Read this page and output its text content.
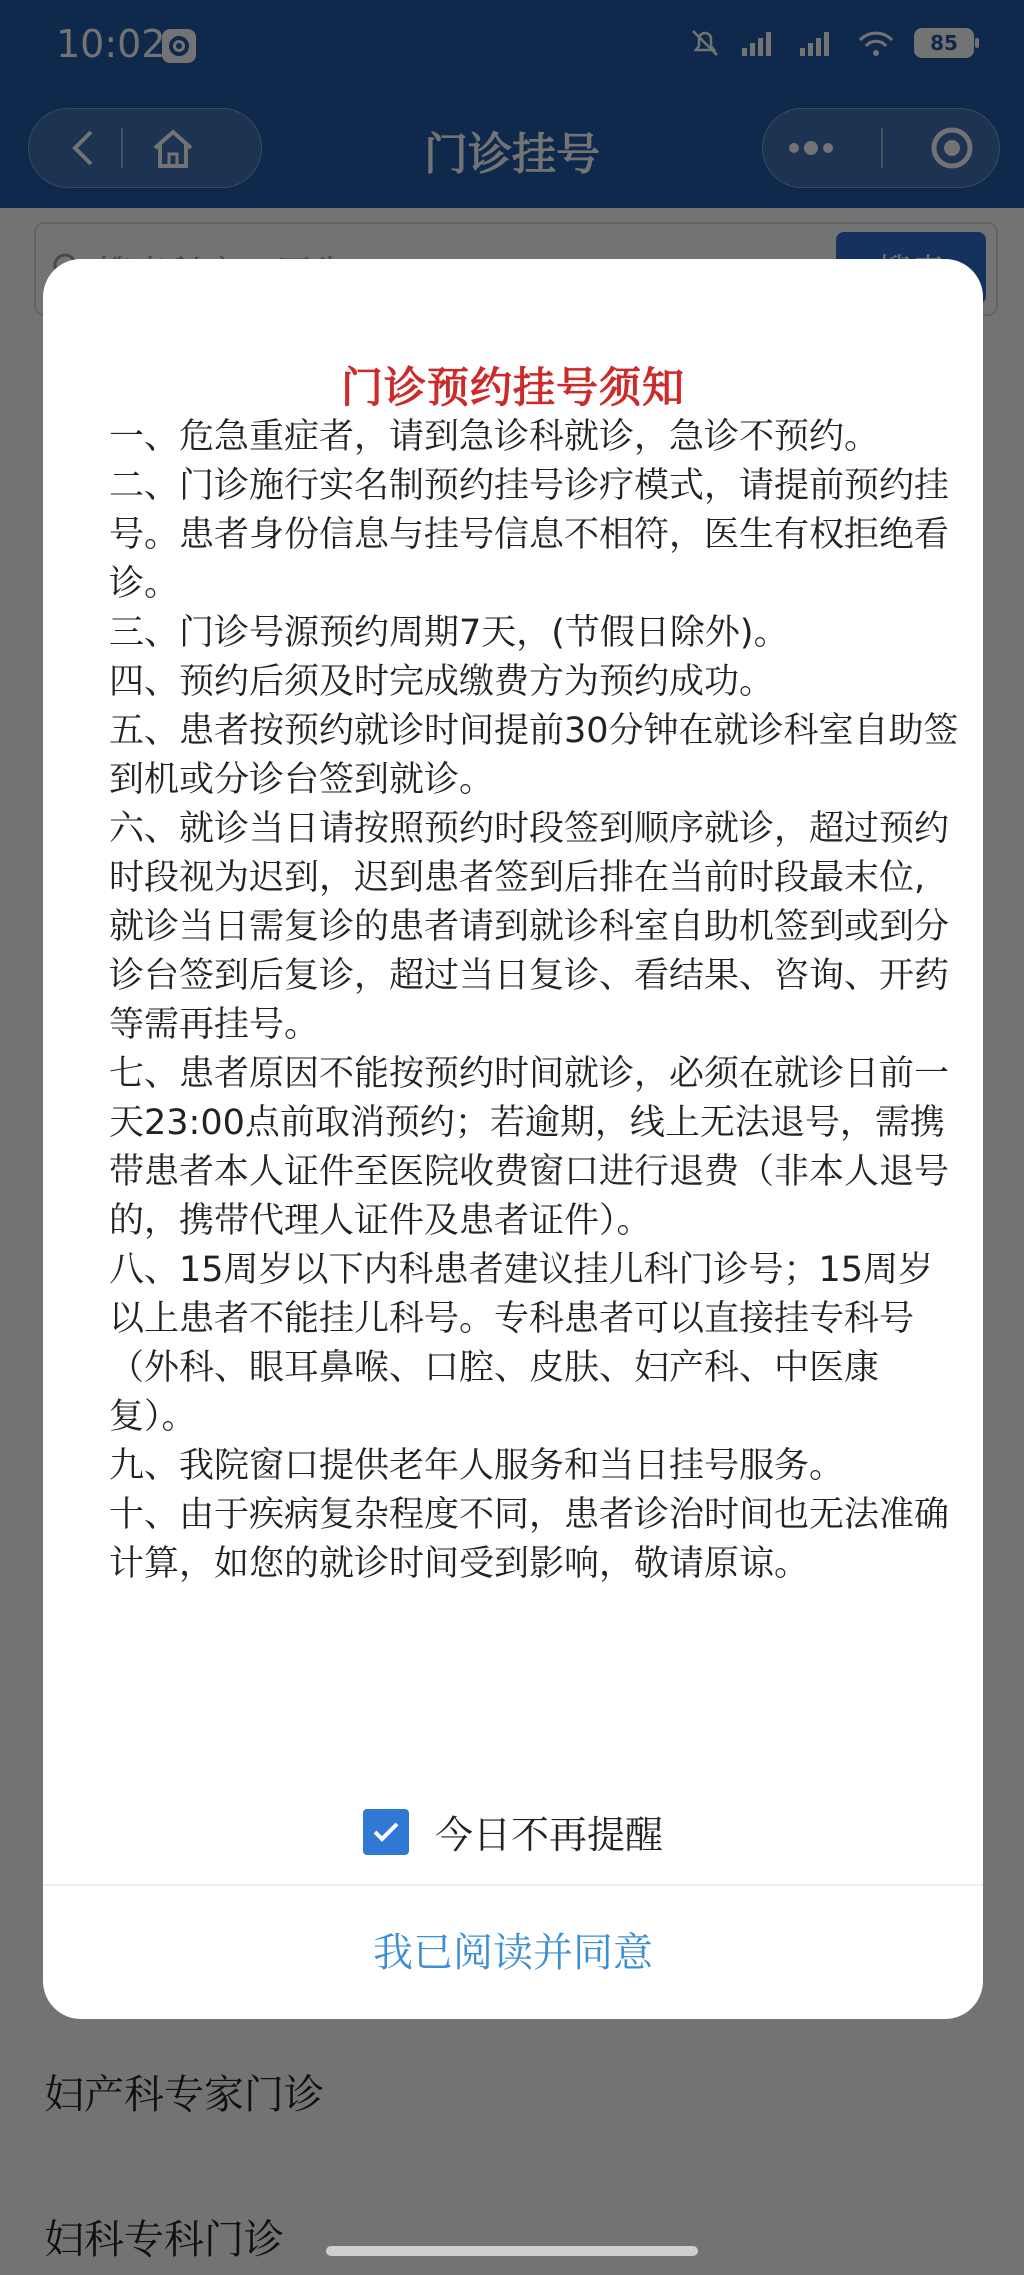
门诊预约挂号须知

一、危急重症者，请到急诊科就诊，急诊不预约。

二、门诊施行实名制预约挂号诊疗模式，请提前预约挂号。患者身份信息与挂号信息不相符，医生有权拒绝看诊。

三、门诊号源预约周期7天，(节假日除外)。

四、预约后须及时完成缴费方为预约成功。

五、患者按预约就诊时间提前30分钟在就诊科室自助签到机或分诊台签到就诊。

六、就诊当日请按照预约时段签到顺序就诊，超过预约时段视为迟到，迟到患者签到后排在当前时段最末位,就诊当日需复诊的患者请到就诊科室自助机签到或到分诊台签到后复诊，超过当日复诊、看结果、咨询、开药等需再挂号。

七、患者原因不能按预约时间就诊，必须在就诊日前一天23:00点前取消预约；若逾期，线上无法退号，需携带患者本人证件至医院收费窗口进行退费（非本人退号的，携带代理人证件及患者证件）。

八、15周岁以下内科患者建议挂儿科门诊号；15周岁以上患者不能挂儿科号。专科患者可以直接挂专科号（外科、眼耳鼻喉、口腔、皮肤、妇产科、中医康复）。

九、我院窗口提供老年人服务和当日挂号服务。

十、由于疾病复杂程度不同，患者诊治时间也无法准确计算，如您的就诊时间受到影响，敬请原谅。

今日不再提醒
我已阅读并同意
